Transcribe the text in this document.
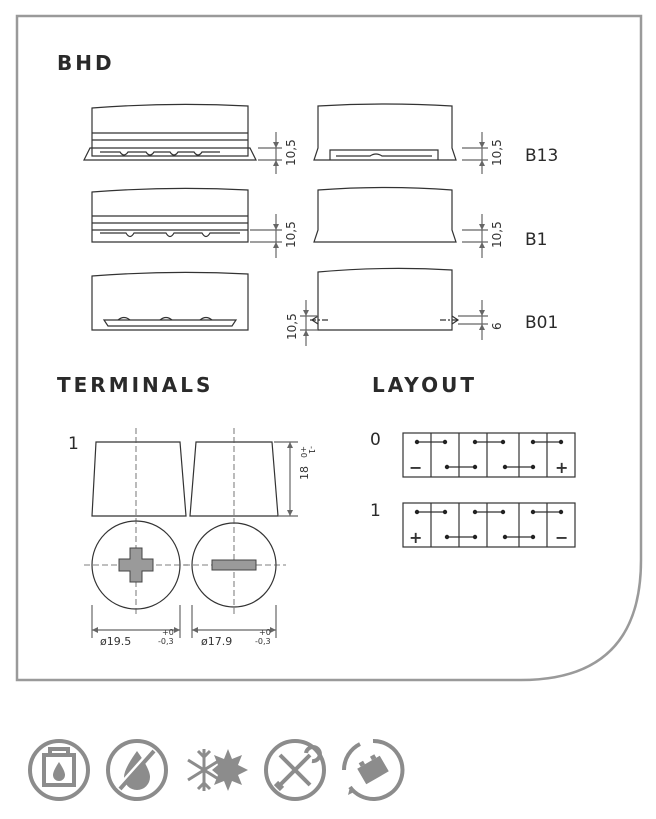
BHD
TERMINALS	LAYOUT
10,5	10,5
10,5	10,5
10,5	6
B13
B1
B01
1
18
+0 -1
ø19.5
+0
-0,3 ø17.9
+0
-0,3
0
1
−	+
+	−
